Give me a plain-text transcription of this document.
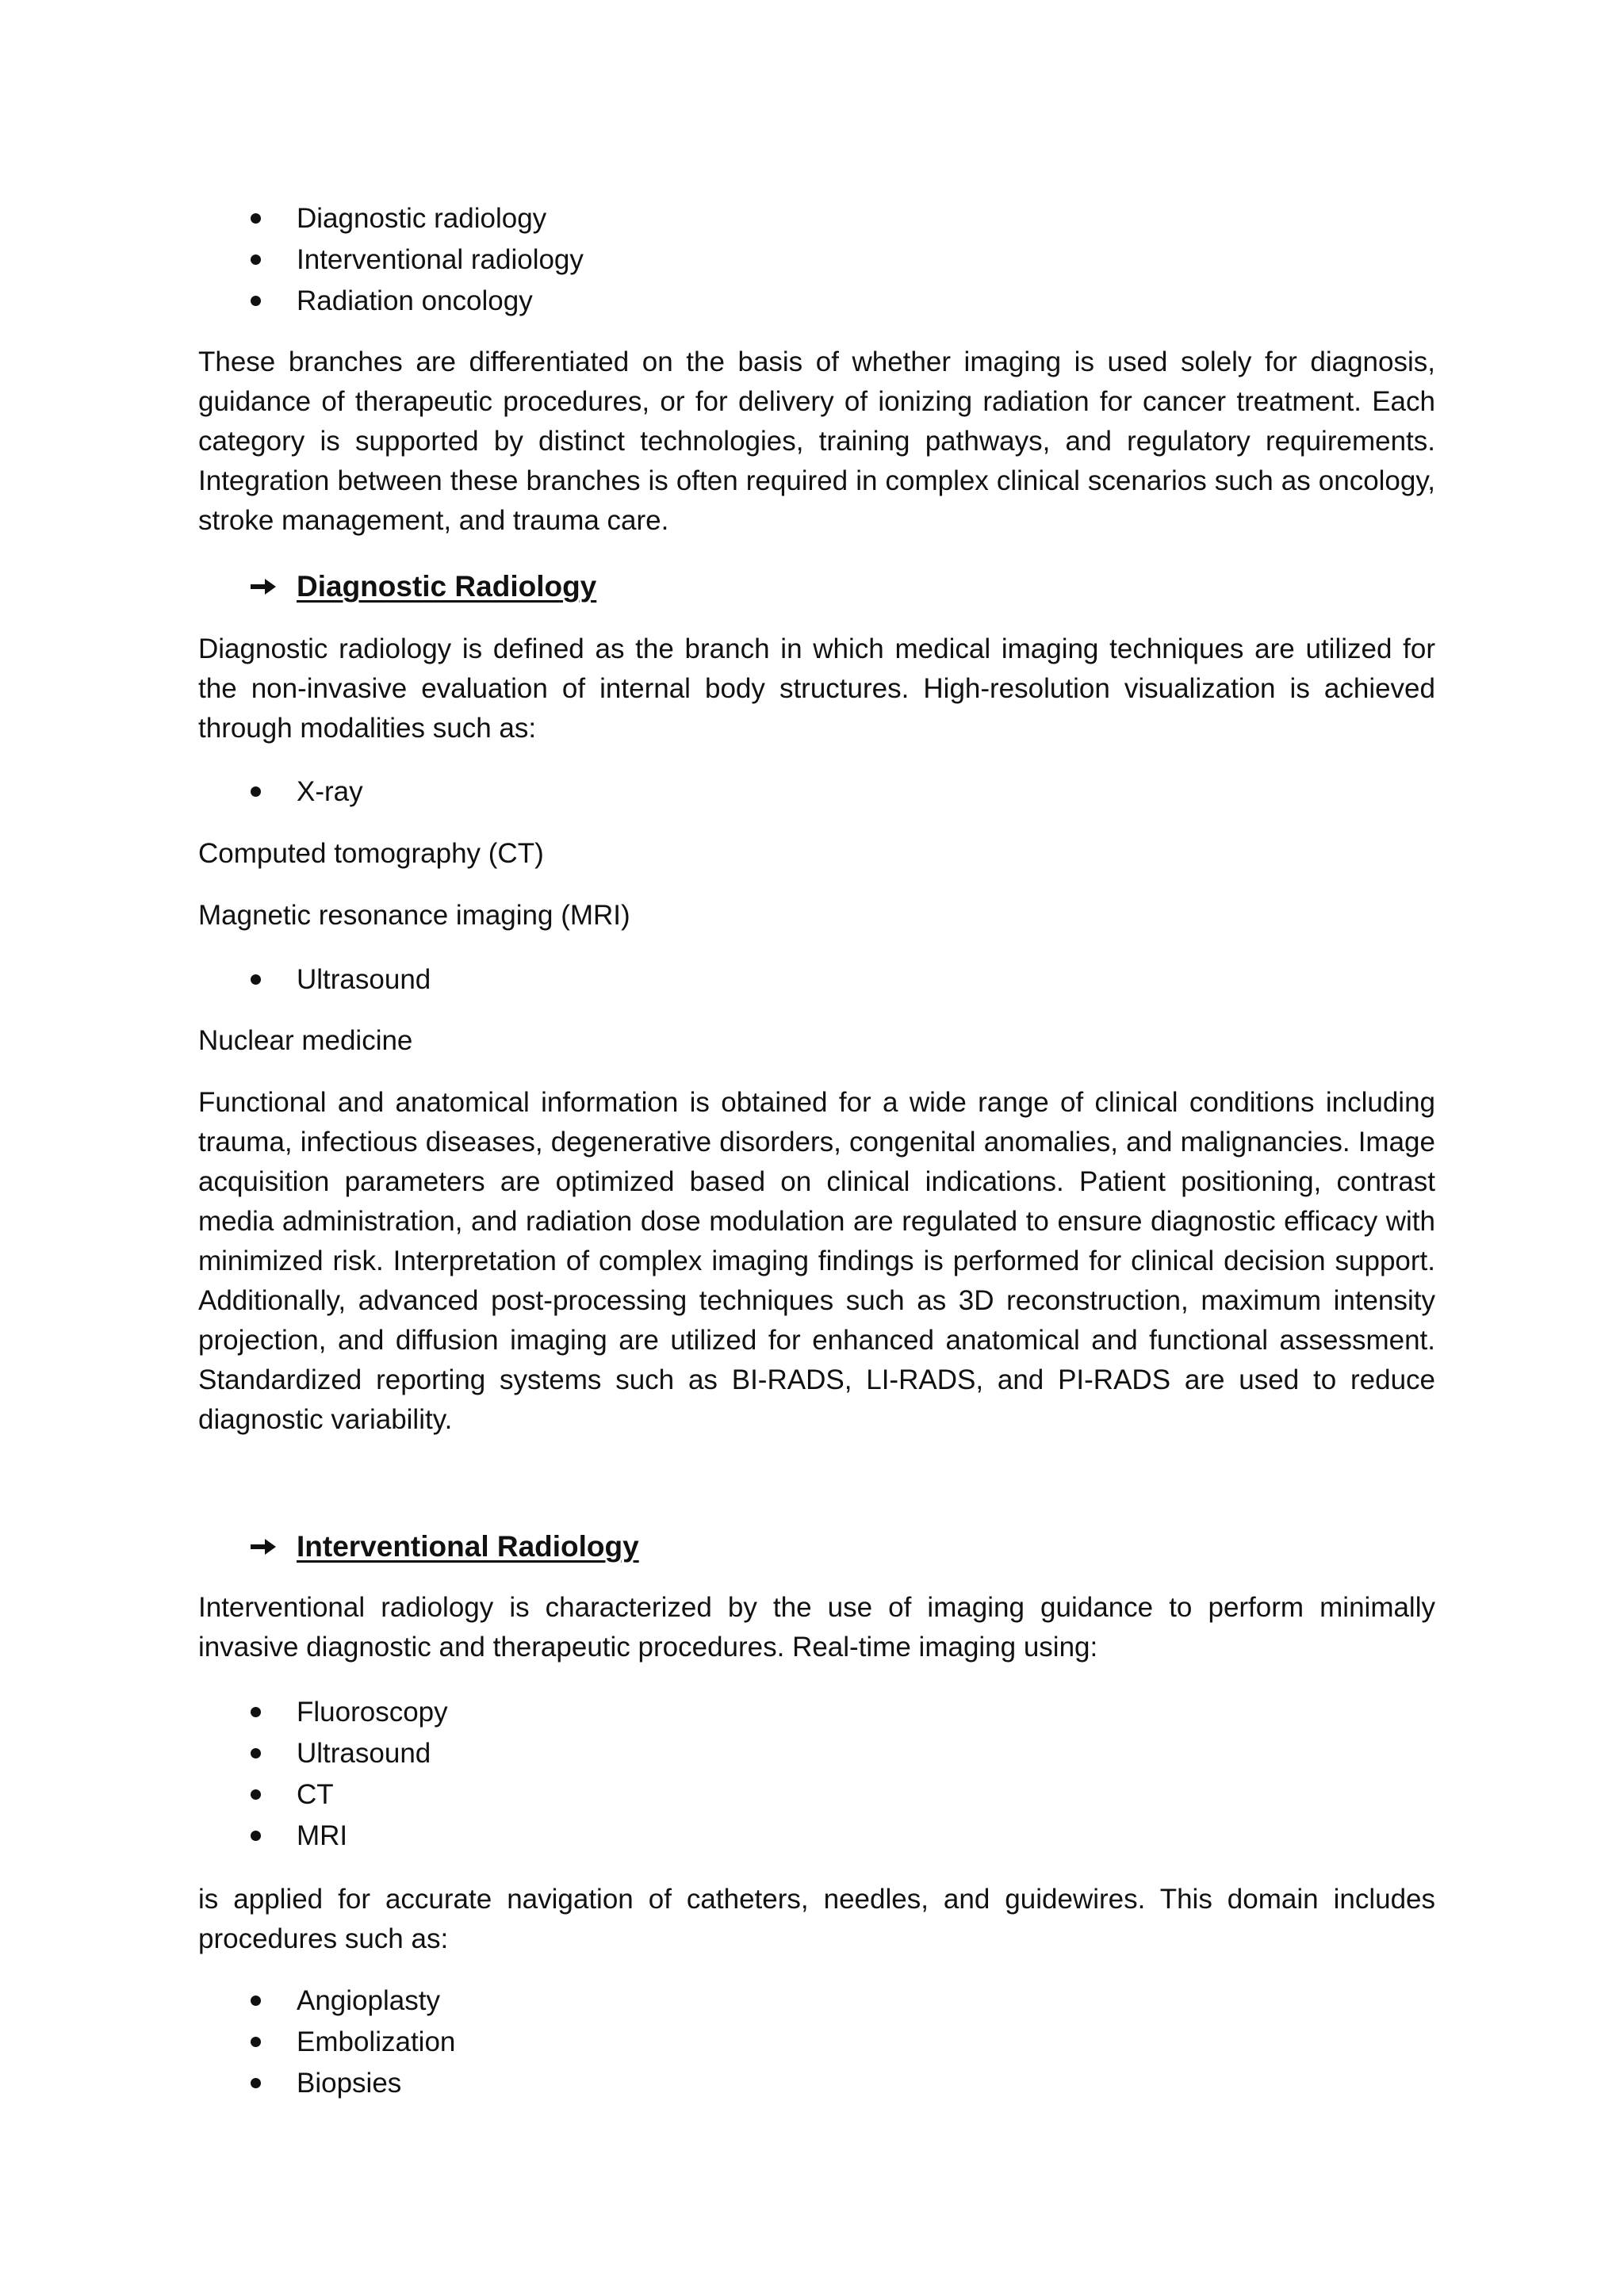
Diagnostic radiology
Interventional radiology
Radiation oncology

These branches are differentiated on the basis of whether imaging is used solely for diagnosis, guidance of therapeutic procedures, or for delivery of ionizing radiation for cancer treatment. Each category is supported by distinct technologies, training pathways, and regulatory requirements. Integration between these branches is often required in complex clinical scenarios such as oncology, stroke management, and trauma care.

Diagnostic Radiology

Diagnostic radiology is defined as the branch in which medical imaging techniques are utilized for the non-invasive evaluation of internal body structures. High-resolution visualization is achieved through modalities such as:

X-ray

Computed tomography (CT)

Magnetic resonance imaging (MRI)

Ultrasound

Nuclear medicine

Functional and anatomical information is obtained for a wide range of clinical conditions including trauma, infectious diseases, degenerative disorders, congenital anomalies, and malignancies. Image acquisition parameters are optimized based on clinical indications. Patient positioning, contrast media administration, and radiation dose modulation are regulated to ensure diagnostic efficacy with minimized risk. Interpretation of complex imaging findings is performed for clinical decision support. Additionally, advanced post-processing techniques such as 3D reconstruction, maximum intensity projection, and diffusion imaging are utilized for enhanced anatomical and functional assessment. Standardized reporting systems such as BI-RADS, LI-RADS, and PI-RADS are used to reduce diagnostic variability.

Interventional Radiology

Interventional radiology is characterized by the use of imaging guidance to perform minimally invasive diagnostic and therapeutic procedures. Real-time imaging using:

Fluoroscopy
Ultrasound
CT
MRI

is applied for accurate navigation of catheters, needles, and guidewires. This domain includes procedures such as:

Angioplasty
Embolization
Biopsies
